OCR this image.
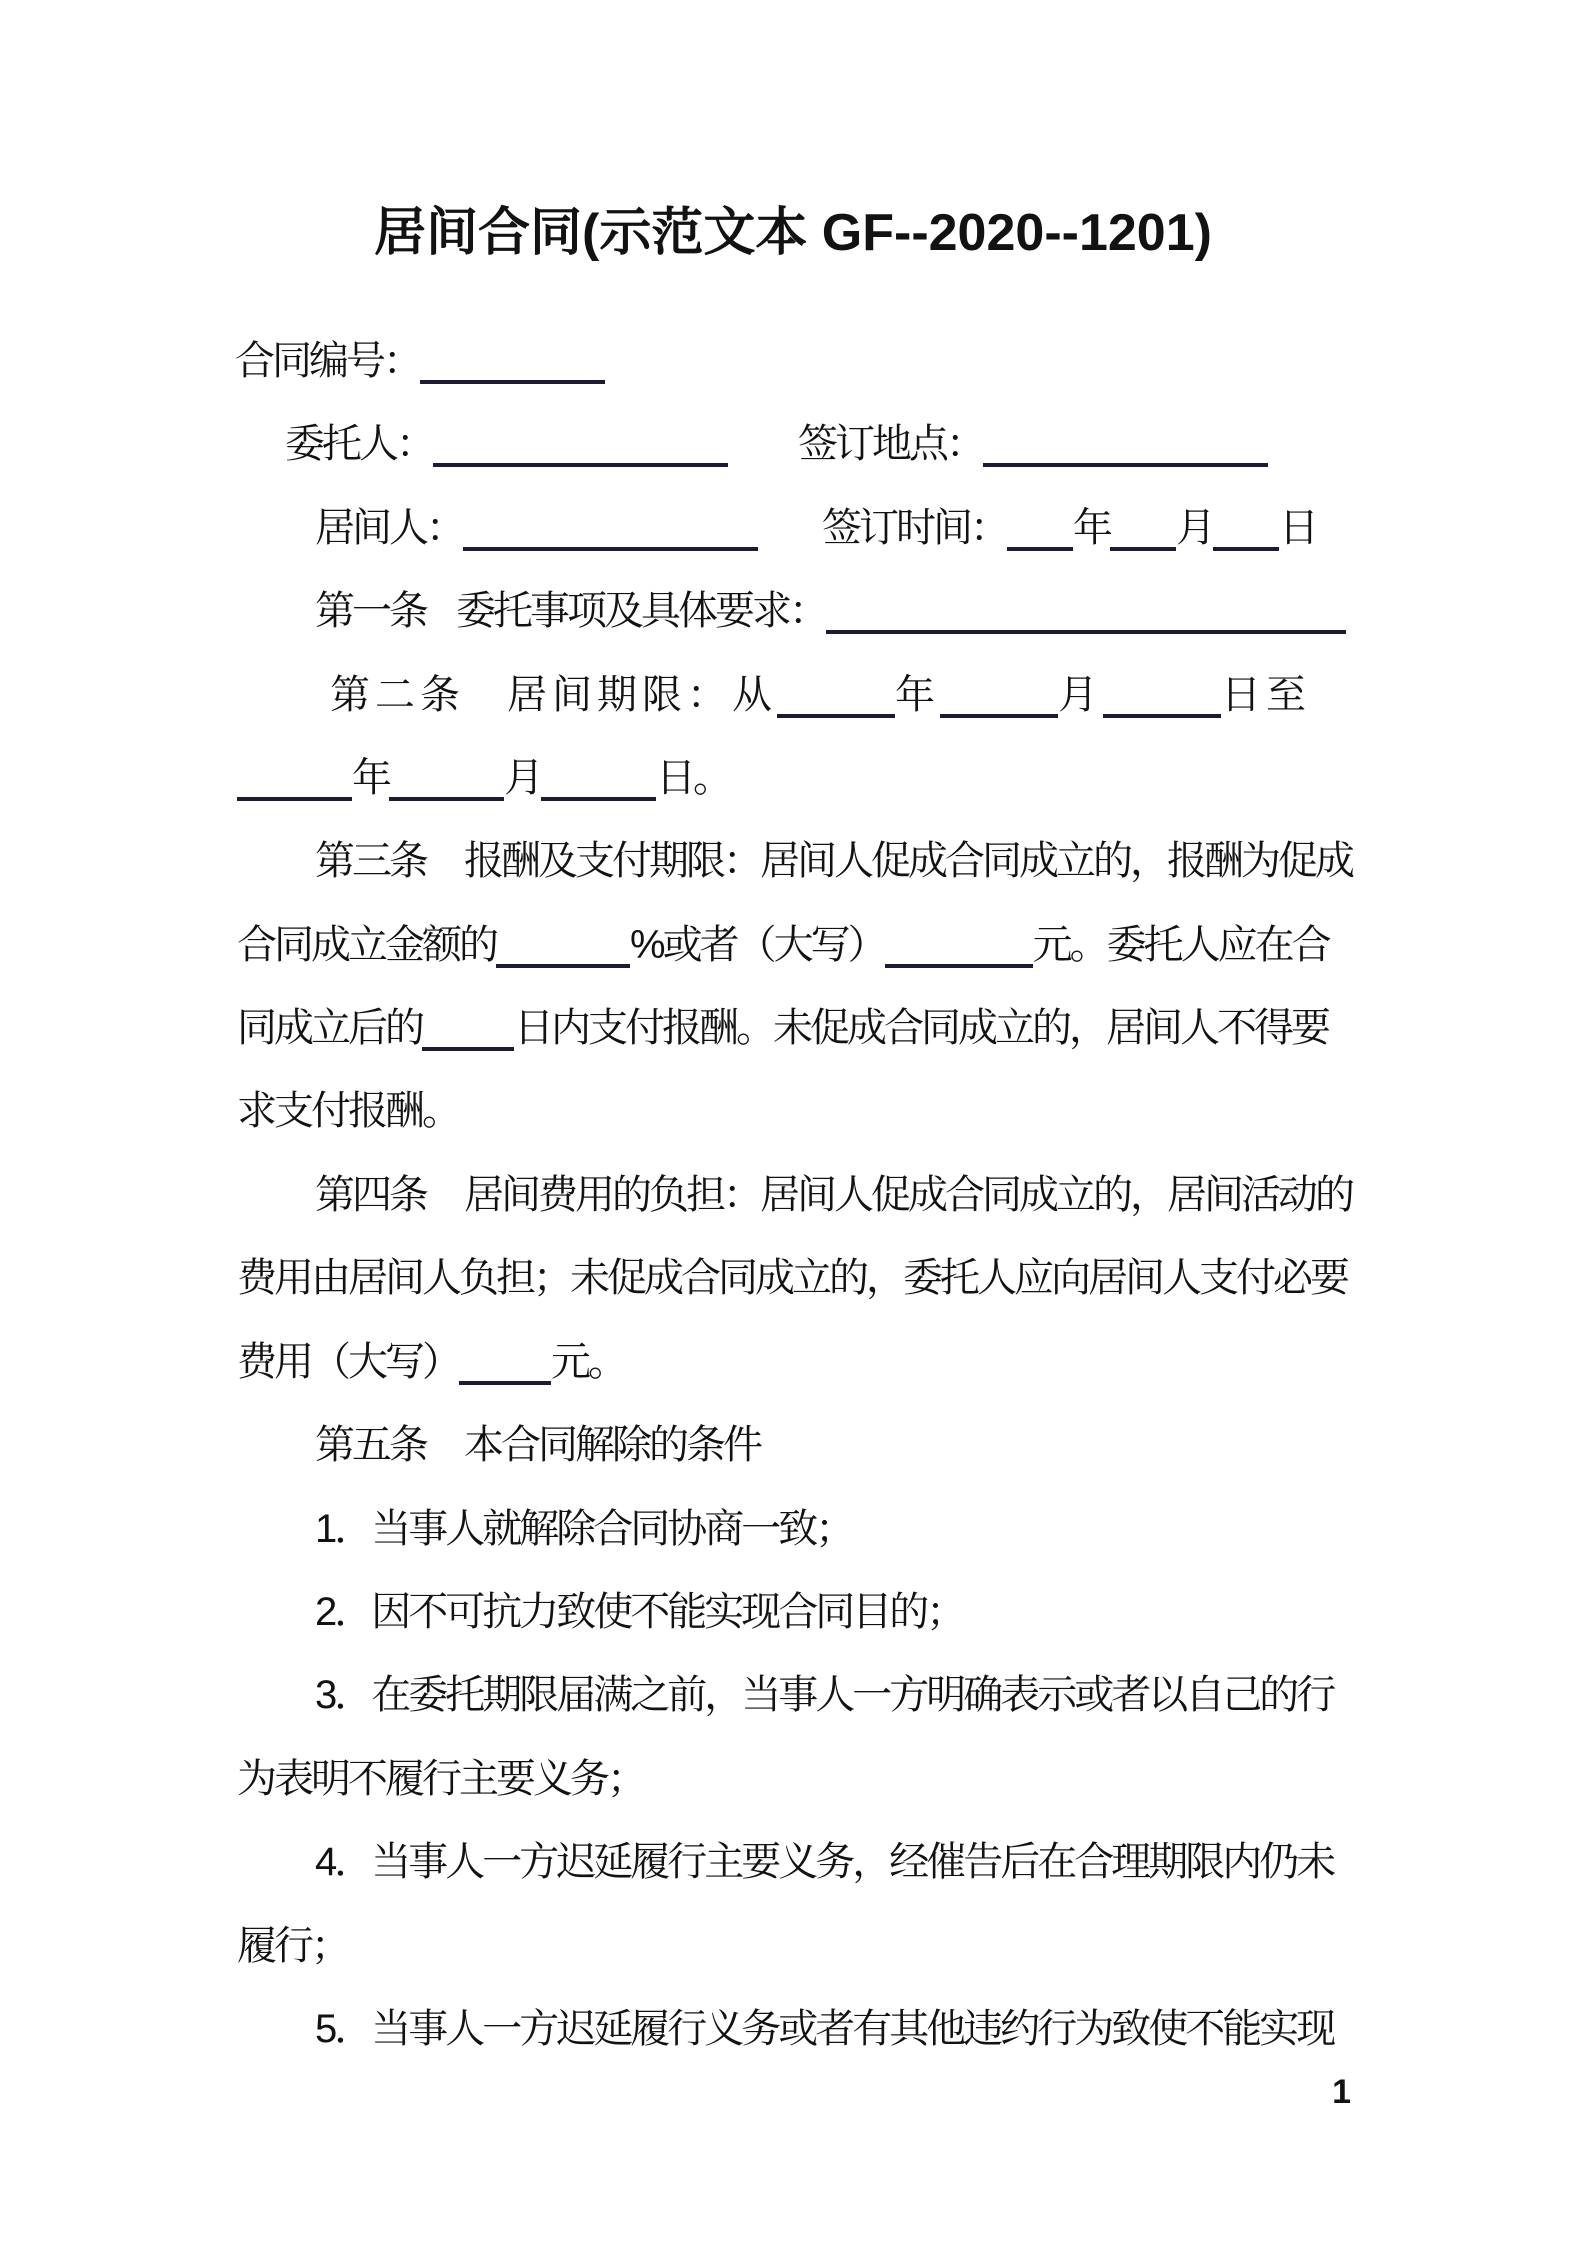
居间合同(示范文本 GF--2020--1201)
合同编号：
委托人：	签订地点：
居间人：	签订时间： 年 月 日
第一条 委托事项及具体要求：
第二条 居间期限：从	年	月	日至
年	月	日。
第三条 报酬及支付期限：居间人促成合同成立的，报酬为促成
合同成立金额的	%或者（大写）	元。委托人应在合
同成立后的 日内支付报酬。未促成合同成立的，居间人不得要
求支付报酬。
第四条 居间费用的负担：居间人促成合同成立的，居间活动的
费用由居间人负担；未促成合同成立的，委托人应向居间人支付必要
费用（大写） 元。
第五条 本合同解除的条件
1．当事人就解除合同协商一致；
2．因不可抗力致使不能实现合同目的；
3．在委托期限届满之前，当事人一方明确表示或者以自己的行
为表明不履行主要义务；
4．当事人一方迟延履行主要义务，经催告后在合理期限内仍未
履行；
5．当事人一方迟延履行义务或者有其他违约行为致使不能实现
1
